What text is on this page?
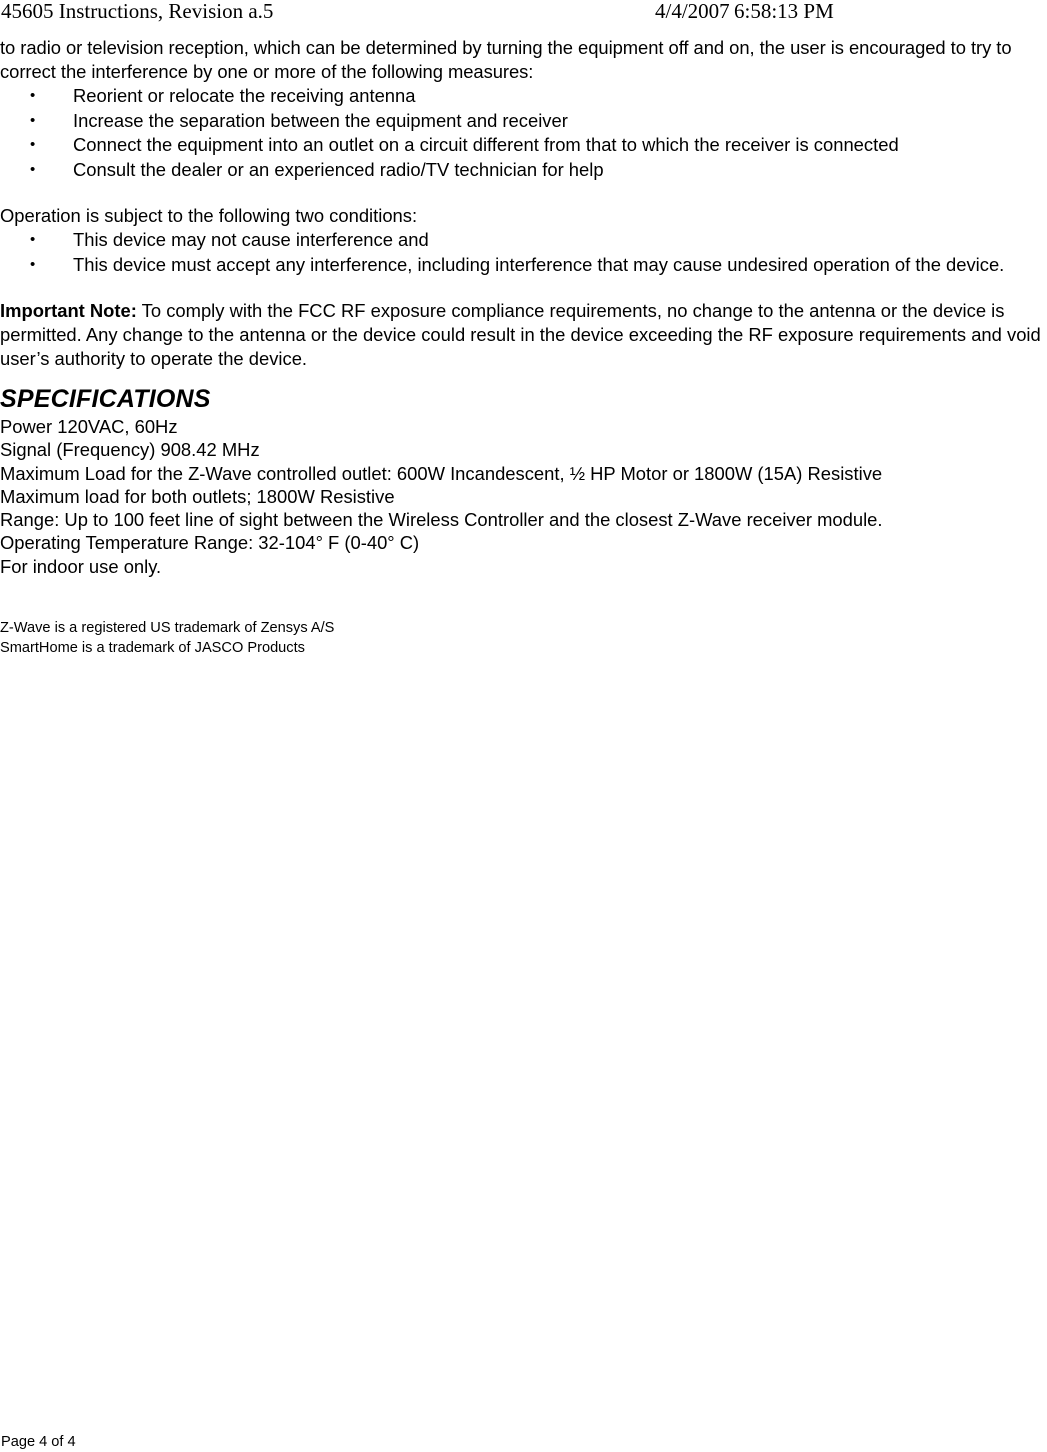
45605 Instructions, Revision a.5	4/4/2007 6:58:13 PM

to radio or television reception, which can be determined by turning the equipment off and on, the user is encouraged to try to correct the interference by one or more of the following measures:

• Reorient or relocate the receiving antenna
• Increase the separation between the equipment and receiver
• Connect the equipment into an outlet on a circuit different from that to which the receiver is connected
• Consult the dealer or an experienced radio/TV technician for help

Operation is subject to the following two conditions:

• This device may not cause interference and
• This device must accept any interference, including interference that may cause undesired operation of the device.

Important Note: To comply with the FCC RF exposure compliance requirements, no change to the antenna or the device is permitted. Any change to the antenna or the device could result in the device exceeding the RF exposure requirements and void user’s authority to operate the device.

SPECIFICATIONS

Power 120VAC, 60Hz

Signal (Frequency) 908.42 MHz

Maximum Load for the Z-Wave controlled outlet: 600W Incandescent, ½ HP Motor or 1800W (15A) Resistive

Maximum load for both outlets; 1800W Resistive

Range: Up to 100 feet line of sight between the Wireless Controller and the closest Z-Wave receiver module.

Operating Temperature Range: 32-104° F (0-40° C)

For indoor use only.

Z-Wave is a registered US trademark of Zensys A/S

SmartHome is a trademark of JASCO Products

Page 4 of 4
